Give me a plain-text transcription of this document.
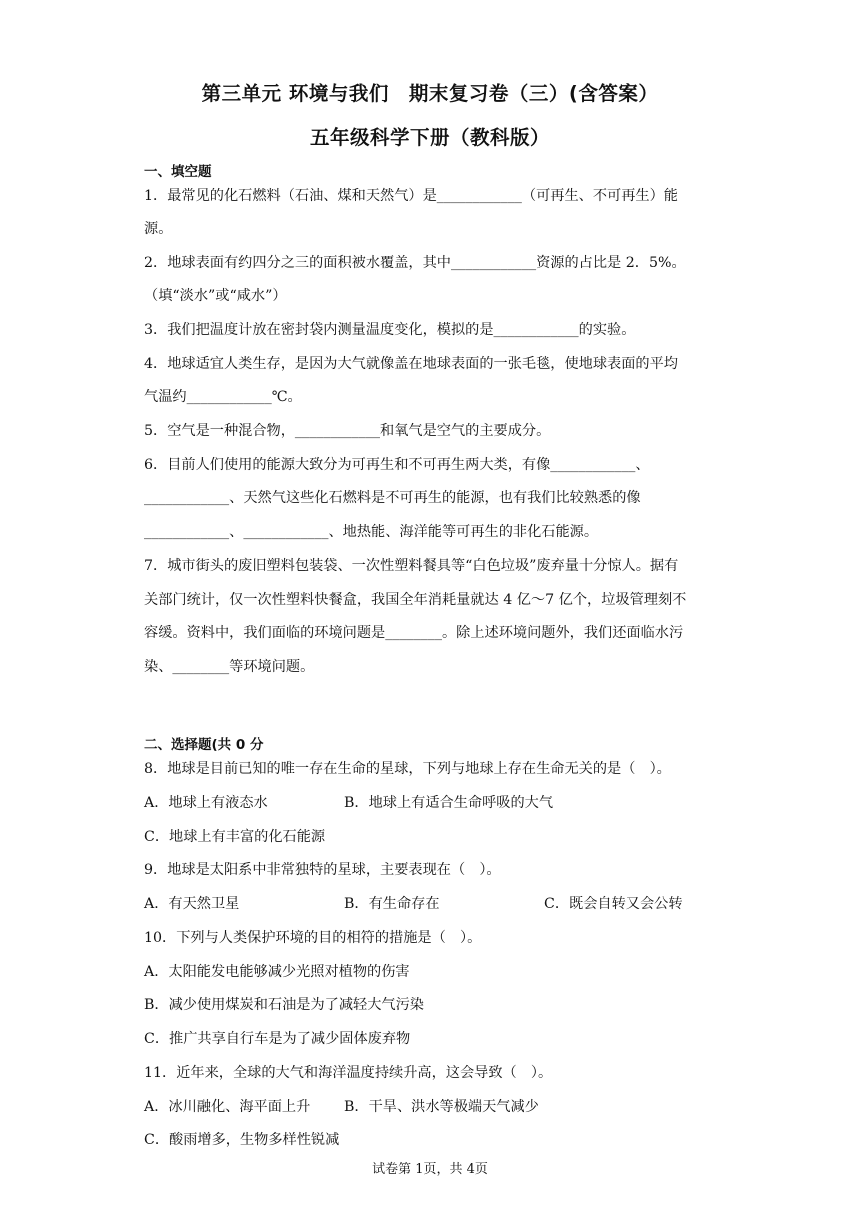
第三单元 环境与我们　期末复习卷（三）(含答案）
五年级科学下册（教科版）
一、填空题
1．最常见的化石燃料（石油、煤和天然气）是____________（可再生、不可再生）能
源。
2．地球表面有约四分之三的面积被水覆盖，其中____________资源的占比是 2．5%。
（填“淡水”或“咸水”）
3．我们把温度计放在密封袋内测量温度变化，模拟的是____________的实验。
4．地球适宜人类生存，是因为大气就像盖在地球表面的一张毛毯，使地球表面的平均
气温约____________℃。
5．空气是一种混合物，____________和氧气是空气的主要成分。
6．目前人们使用的能源大致分为可再生和不可再生两大类，有像____________、
____________、天然气这些化石燃料是不可再生的能源，也有我们比较熟悉的像
____________、____________、地热能、海洋能等可再生的非化石能源。
7．城市街头的废旧塑料包装袋、一次性塑料餐具等“白色垃圾”废弃量十分惊人。据有
关部门统计，仅一次性塑料快餐盒，我国全年消耗量就达 4 亿～7 亿个，垃圾管理刻不
容缓。资料中，我们面临的环境问题是________。除上述环境问题外，我们还面临水污
染、________等环境问题。
二、选择题(共 0 分
8．地球是目前已知的唯一存在生命的星球，下列与地球上存在生命无关的是（　）。
A．地球上有液态水	B．地球上有适合生命呼吸的大气
C．地球上有丰富的化石能源
9．地球是太阳系中非常独特的星球，主要表现在（　）。
A．有天然卫星	B．有生命存在	C．既会自转又会公转
10．下列与人类保护环境的目的相符的措施是（　）。
A．太阳能发电能够减少光照对植物的伤害
B．减少使用煤炭和石油是为了减轻大气污染
C．推广共享自行车是为了减少固体废弃物
11．近年来，全球的大气和海洋温度持续升高，这会导致（　）。
A．冰川融化、海平面上升 B．干旱、洪水等极端天气减少
C．酸雨增多，生物多样性锐减
试卷第 1页，共 4页
